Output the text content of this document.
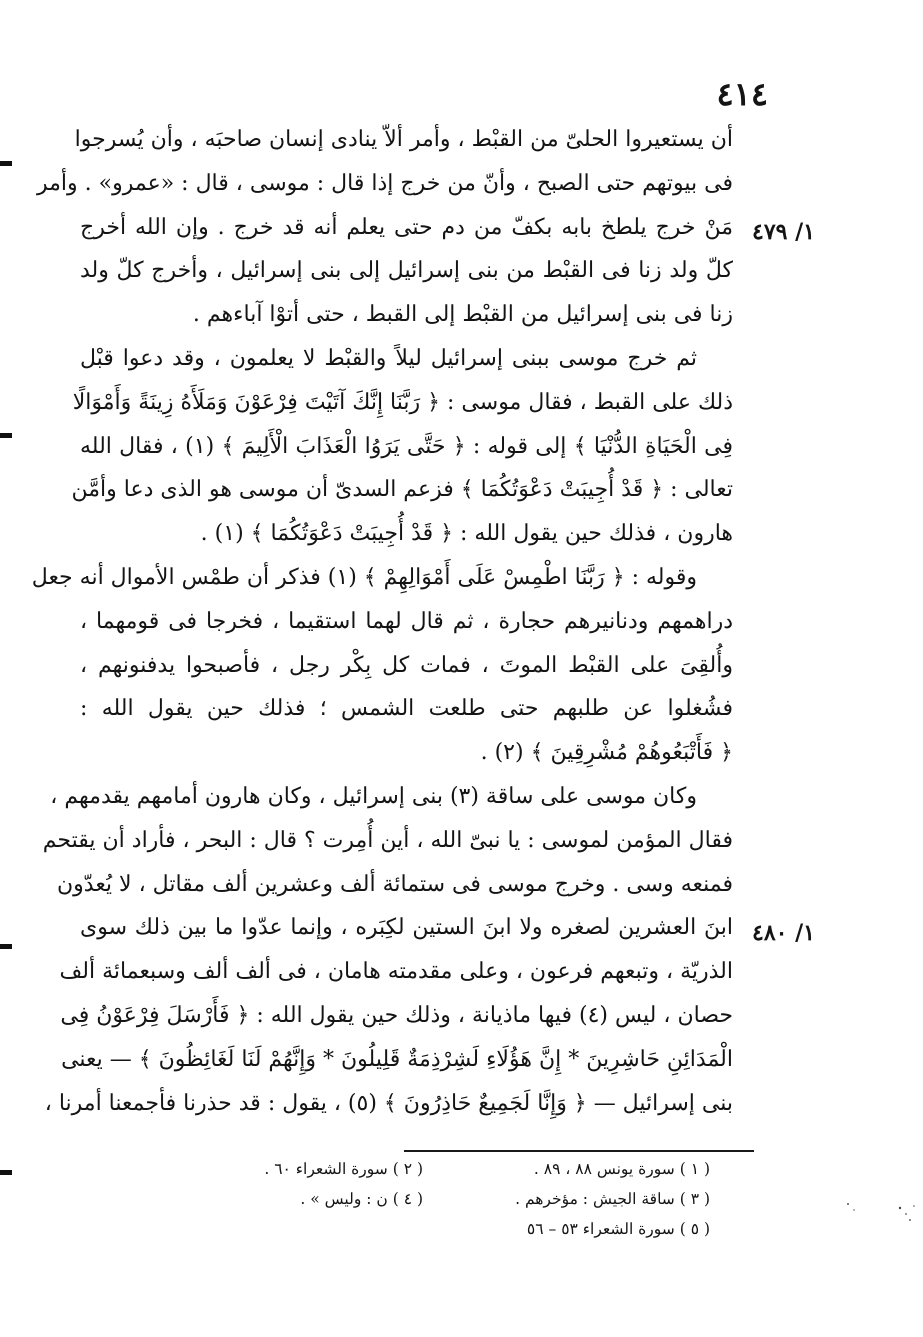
٤١٤
١/ ٤٧٩
١/ ٤٨٠
أن يستعيروا الحلىّ من القبْط ، وأمر ألاّ ينادى إنسان صاحبَه ، وأن يُسرجوا
فى بيوتهم حتى الصبح ، وأنّ من خرج إذا قال : موسى ، قال : «عمرو» . وأمر
مَنْ خرج يلطخ بابه بكفّ من دم حتى يعلم أنه قد خرج . وإن الله أخرج
كلّ ولد زنا فى القبْط من بنى إسرائيل إلى بنى إسرائيل ، وأخرج كلّ ولد
زنا فى بنى إسرائيل من القبْط إلى القبط ، حتى أتوْا آباءهم .
ثم خرج موسى ببنى إسرائيل ليلاً والقبْط لا يعلمون ، وقد دعوا قبْل
ذلك على القبط ، فقال موسى : ﴿ رَبَّنَا إِنَّكَ آتَيْتَ فِرْعَوْنَ وَمَلَأَهُ زِينَةً وَأَمْوَالًا
فِى الْحَيَاةِ الدُّنْيَا ﴾ إلى قوله : ﴿ حَتَّى يَرَوُا الْعَذَابَ الْأَلِيمَ ﴾ (١) ، فقال الله
تعالى : ﴿ قَدْ أُجِيبَتْ دَعْوَتُكُمَا ﴾ فزعم السدىّ أن موسى هو الذى دعا وأمَّن
هارون ، فذلك حين يقول الله : ﴿ قَدْ أُجِيبَتْ دَعْوَتُكُمَا ﴾ (١) .
وقوله : ﴿ رَبَّنَا اطْمِسْ عَلَى أَمْوَالِهِمْ ﴾ (١) فذكر أن طمْس الأموال أنه جعل
دراهمهم ودنانيرهم حجارة ، ثم قال لهما استقيما ، فخرجا فى قومهما ،
وأُلقِىَ على القبْط الموتَ ، فمات كل بِكْر رجل ، فأصبحوا يدفنونهم ،
فشُغلوا عن طلبهم حتى طلعت الشمس ؛ فذلك حين يقول الله :
﴿ فَأَتْبَعُوهُمْ مُشْرِقِينَ ﴾ (٢) .
وكان موسى على ساقة (٣) بنى إسرائيل ، وكان هارون أمامهم يقدمهم ،
فقال المؤمن لموسى : يا نبىّ الله ، أين أُمِرت ؟ قال : البحر ، فأراد أن يقتحم
فمنعه وسى . وخرج موسى فى ستمائة ألف وعشرين ألف مقاتل ، لا يُعدّون
ابنَ العشرين لصغره ولا ابنَ الستين لكِبَره ، وإنما عدّوا ما بين ذلك سوى
الذريّة ، وتبعهم فرعون ، وعلى مقدمته هامان ، فى ألف ألف وسبعمائة ألف
حصان ، ليس (٤) فيها ماذيانة ، وذلك حين يقول الله : ﴿ فَأَرْسَلَ فِرْعَوْنُ فِى
الْمَدَائِنِ حَاشِرِينَ * إِنَّ هَؤُلَاءِ لَشِرْذِمَةٌ قَلِيلُونَ * وَإِنَّهُمْ لَنَا لَغَائِظُونَ ﴾ — يعنى
بنى إسرائيل — ﴿ وَإِنَّا لَجَمِيعٌ حَاذِرُونَ ﴾ (٥) ، يقول : قد حذرنا فأجمعنا أمرنا ،
( ١ ) سورة يونس ٨٨ ، ٨٩ .
( ٢ ) سورة الشعراء ٦٠ .
( ٣ ) ساقة الجيش : مؤخرهم .
( ٤ ) ن : وليس » .
( ٥ ) سورة الشعراء ٥٣ – ٥٦
